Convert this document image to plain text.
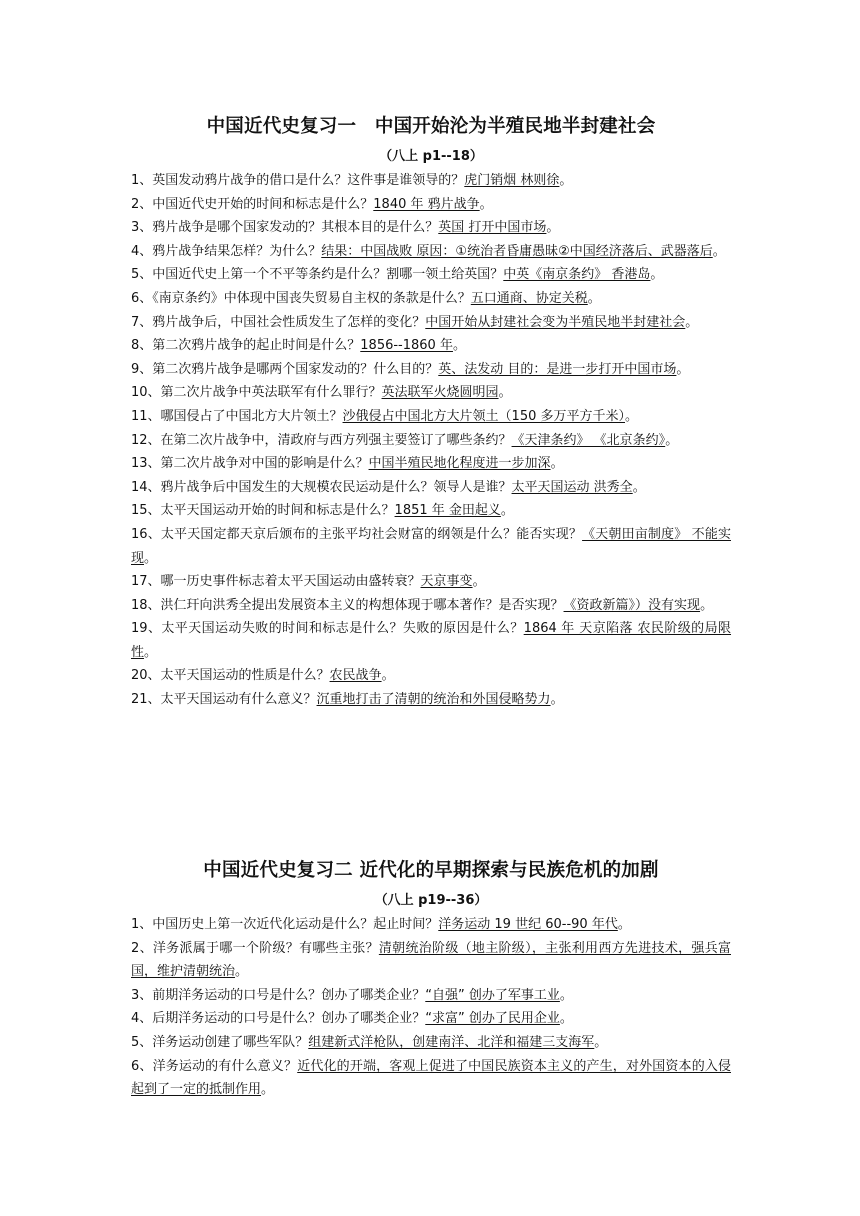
中国近代史复习一　中国开始沦为半殖民地半封建社会
（八上 p1--18）
1、英国发动鸦片战争的借口是什么？这件事是谁领导的？虎门销烟 林则徐。
2、中国近代史开始的时间和标志是什么？1840 年 鸦片战争。
3、鸦片战争是哪个国家发动的？其根本目的是什么？英国 打开中国市场。
4、鸦片战争结果怎样？为什么？结果：中国战败 原因：①统治者昏庸愚昧②中国经济落后、武器落后。
5、中国近代史上第一个不平等条约是什么？割哪一领土给英国？中英《南京条约》 香港岛。
6、《南京条约》中体现中国丧失贸易自主权的条款是什么？五口通商、协定关税。
7、鸦片战争后，中国社会性质发生了怎样的变化？中国开始从封建社会变为半殖民地半封建社会。
8、第二次鸦片战争的起止时间是什么？1856--1860 年。
9、第二次鸦片战争是哪两个国家发动的？什么目的？英、法发动 目的：是进一步打开中国市场。
10、第二次片战争中英法联军有什么罪行？英法联军火烧圆明园。
11、哪国侵占了中国北方大片领土？沙俄侵占中国北方大片领土（150 多万平方千米）。
12、在第二次片战争中，清政府与西方列强主要签订了哪些条约？《天津条约》 《北京条约》。
13、第二次片战争对中国的影响是什么？中国半殖民地化程度进一步加深。
14、鸦片战争后中国发生的大规模农民运动是什么？领导人是谁？太平天国运动 洪秀全。
15、太平天国运动开始的时间和标志是什么？1851 年 金田起义。
16、太平天国定都天京后颁布的主张平均社会财富的纲领是什么？能否实现？《天朝田亩制度》 不能实现。
17、哪一历史事件标志着太平天国运动由盛转衰？天京事变。
18、洪仁玕向洪秀全提出发展资本主义的构想体现于哪本著作？是否实现？《资政新篇》）没有实现。
19、太平天国运动失败的时间和标志是什么？失败的原因是什么？1864 年 天京陷落 农民阶级的局限性。
20、太平天国运动的性质是什么？农民战争。
21、太平天国运动有什么意义？沉重地打击了清朝的统治和外国侵略势力。
中国近代史复习二 近代化的早期探索与民族危机的加剧
（八上 p19--36）
1、中国历史上第一次近代化运动是什么？起止时间？洋务运动 19 世纪 60--90 年代。
2、洋务派属于哪一个阶级？有哪些主张？清朝统治阶级（地主阶级），主张利用西方先进技术，强兵富国，维护清朝统治。
3、前期洋务运动的口号是什么？创办了哪类企业？“自强” 创办了军事工业。
4、后期洋务运动的口号是什么？创办了哪类企业？“求富” 创办了民用企业。
5、洋务运动创建了哪些军队？组建新式洋枪队，创建南洋、北洋和福建三支海军。
6、洋务运动的有什么意义？近代化的开端，客观上促进了中国民族资本主义的产生，对外国资本的入侵起到了一定的抵制作用。
